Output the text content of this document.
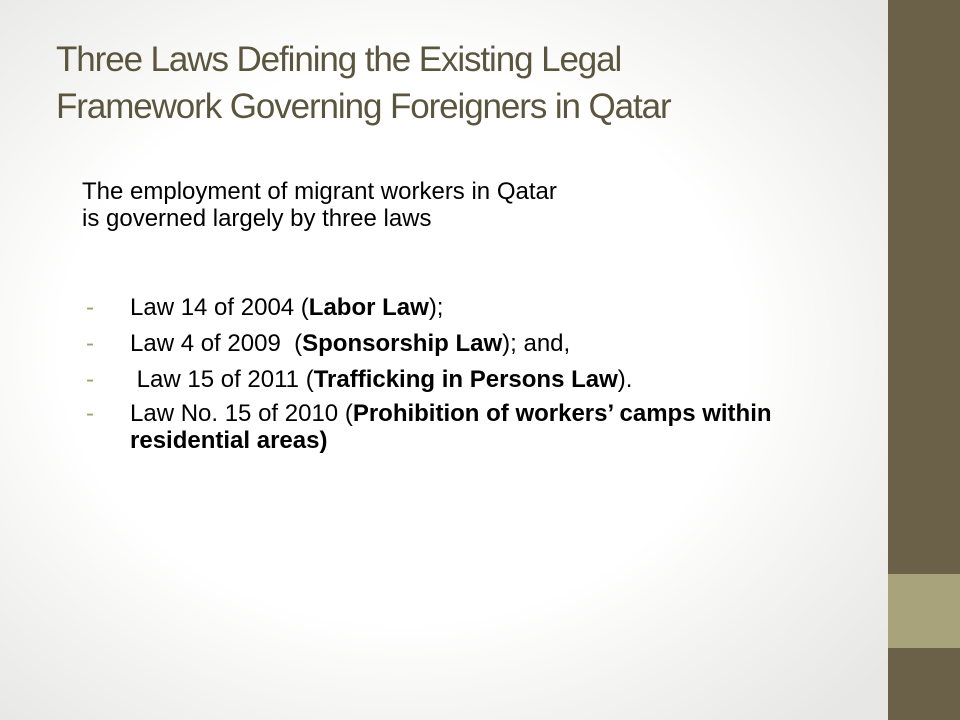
Three Laws Defining the Existing Legal
Framework Governing Foreigners in Qatar

The employment of migrant workers in Qatar
is governed largely by three laws

- Law 14 of 2004 (Labor Law);
- Law 4 of 2009  (Sponsorship Law); and,
- Law 15 of 2011 (Trafficking in Persons Law).
- Law No. 15 of 2010 (Prohibition of workers’ camps within residential areas)
